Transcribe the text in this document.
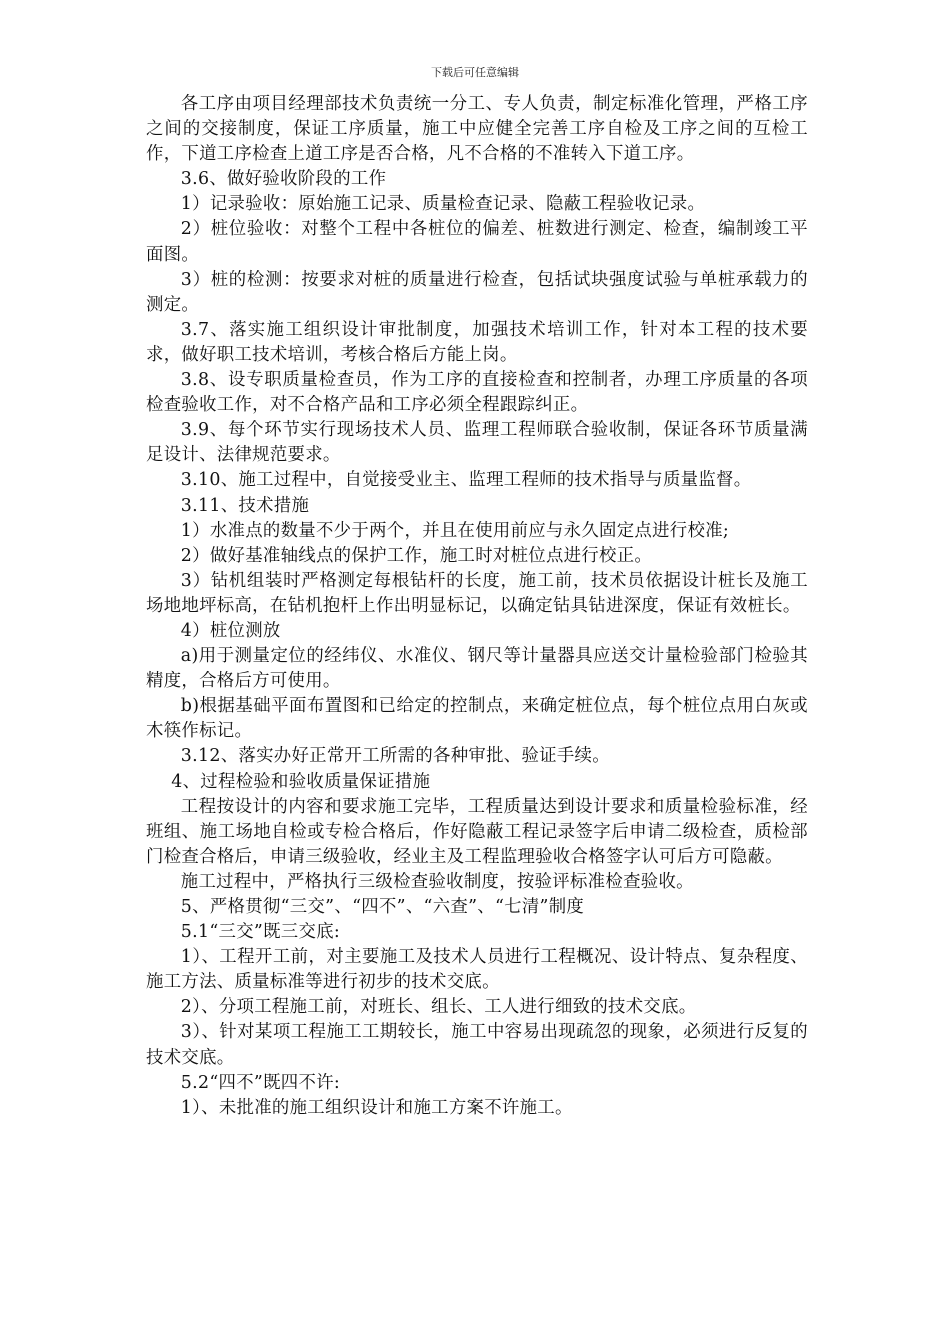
下载后可任意编辑

各工序由项目经理部技术负责统一分工、专人负责，制定标准化管理，严格工序之间的交接制度，保证工序质量，施工中应健全完善工序自检及工序之间的互检工作，下道工序检查上道工序是否合格，凡不合格的不准转入下道工序。

3.6、做好验收阶段的工作

1）记录验收：原始施工记录、质量检查记录、隐蔽工程验收记录。

2）桩位验收：对整个工程中各桩位的偏差、桩数进行测定、检查，编制竣工平面图。

3）桩的检测：按要求对桩的质量进行检查，包括试块强度试验与单桩承载力的测定。

3.7、落实施工组织设计审批制度，加强技术培训工作，针对本工程的技术要求，做好职工技术培训，考核合格后方能上岗。

3.8、设专职质量检查员，作为工序的直接检查和控制者，办理工序质量的各项检查验收工作，对不合格产品和工序必须全程跟踪纠正。

3.9、每个环节实行现场技术人员、监理工程师联合验收制，保证各环节质量满足设计、法律规范要求。

3.10、施工过程中，自觉接受业主、监理工程师的技术指导与质量监督。

3.11、技术措施

1）水准点的数量不少于两个，并且在使用前应与永久固定点进行校准;

2）做好基准轴线点的保护工作，施工时对桩位点进行校正。

3）钻机组装时严格测定每根钻杆的长度，施工前，技术员依据设计桩长及施工场地地坪标高，在钻机抱杆上作出明显标记，以确定钻具钻进深度，保证有效桩长。

4）桩位测放

a)用于测量定位的经纬仪、水准仪、钢尺等计量器具应送交计量检验部门检验其精度，合格后方可使用。

b)根据基础平面布置图和已给定的控制点，来确定桩位点，每个桩位点用白灰或木筷作标记。

3.12、落实办好正常开工所需的各种审批、验证手续。

4、过程检验和验收质量保证措施

工程按设计的内容和要求施工完毕，工程质量达到设计要求和质量检验标准，经班组、施工场地自检或专检合格后，作好隐蔽工程记录签字后申请二级检查，质检部门检查合格后，申请三级验收，经业主及工程监理验收合格签字认可后方可隐蔽。

施工过程中，严格执行三级检查验收制度，按验评标准检查验收。

5、严格贯彻“三交”、“四不”、“六查”、“七清”制度

5.1“三交”既三交底:

1）、工程开工前，对主要施工及技术人员进行工程概况、设计特点、复杂程度、施工方法、质量标准等进行初步的技术交底。

2）、分项工程施工前，对班长、组长、工人进行细致的技术交底。

3）、针对某项工程施工工期较长，施工中容易出现疏忽的现象，必须进行反复的技术交底。

5.2“四不”既四不许:

1）、未批准的施工组织设计和施工方案不许施工。
